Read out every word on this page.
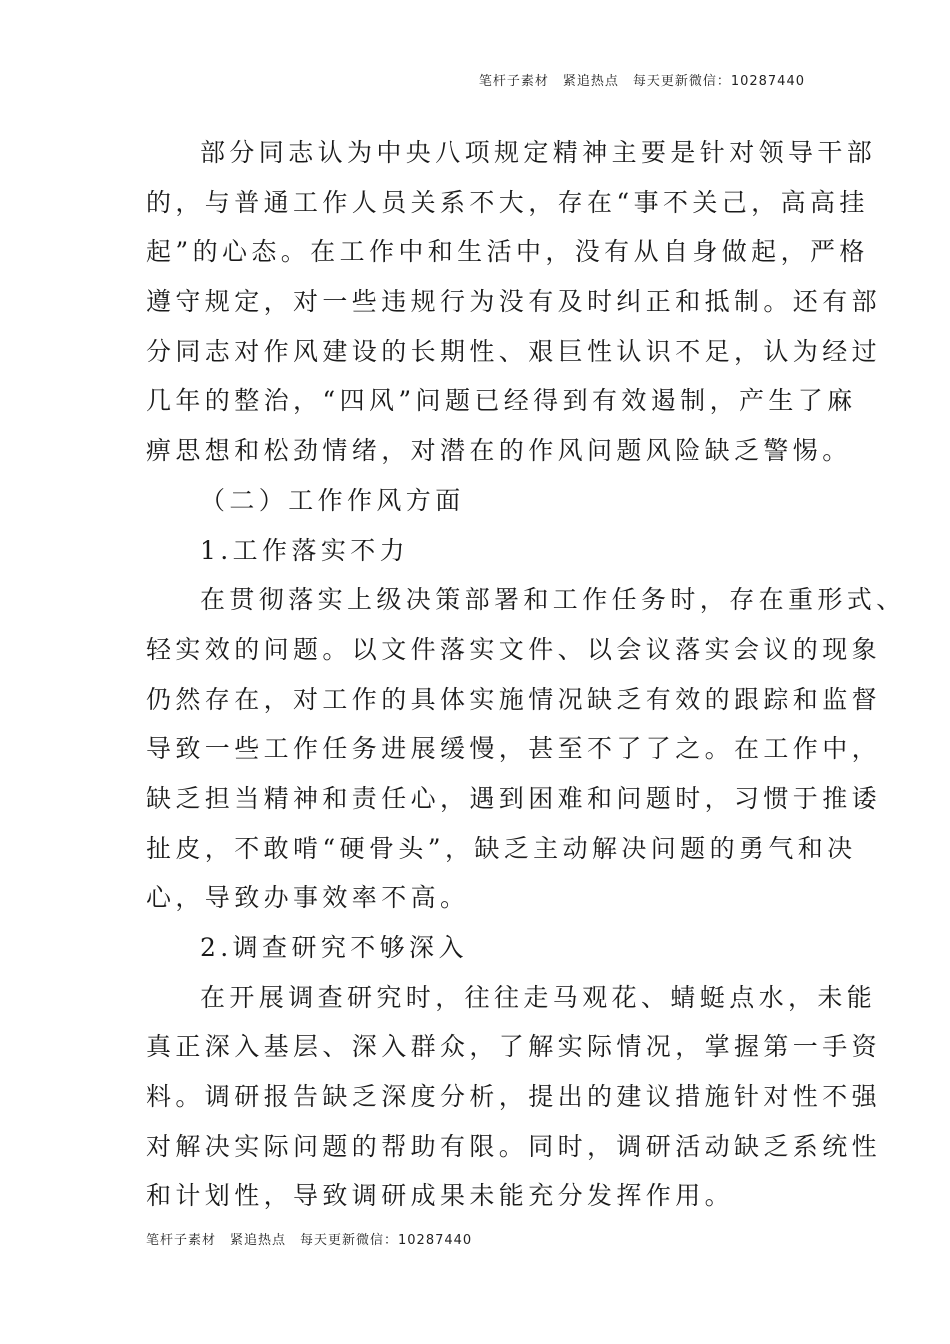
笔杆子素材　紧追热点　每天更新微信：10287440
部分同志认为中央八项规定精神主要是针对领导干部
的，与普通工作人员关系不大，存在“事不关己，高高挂
起”的心态。在工作中和生活中，没有从自身做起，严格
遵守规定，对一些违规行为没有及时纠正和抵制。还有部
分同志对作风建设的长期性、艰巨性认识不足，认为经过
几年的整治，“四风”问题已经得到有效遏制，产生了麻
痹思想和松劲情绪，对潜在的作风问题风险缺乏警惕。
（二）工作作风方面
1.工作落实不力
在贯彻落实上级决策部署和工作任务时，存在重形式、
轻实效的问题。以文件落实文件、以会议落实会议的现象
仍然存在，对工作的具体实施情况缺乏有效的跟踪和监督
导致一些工作任务进展缓慢，甚至不了了之。在工作中，
缺乏担当精神和责任心，遇到困难和问题时，习惯于推诿
扯皮，不敢啃“硬骨头”，缺乏主动解决问题的勇气和决
心，导致办事效率不高。
2.调查研究不够深入
在开展调查研究时，往往走马观花、蜻蜓点水，未能
真正深入基层、深入群众，了解实际情况，掌握第一手资
料。调研报告缺乏深度分析，提出的建议措施针对性不强
对解决实际问题的帮助有限。同时，调研活动缺乏系统性
和计划性，导致调研成果未能充分发挥作用。
笔杆子素材　紧追热点　每天更新微信：10287440
